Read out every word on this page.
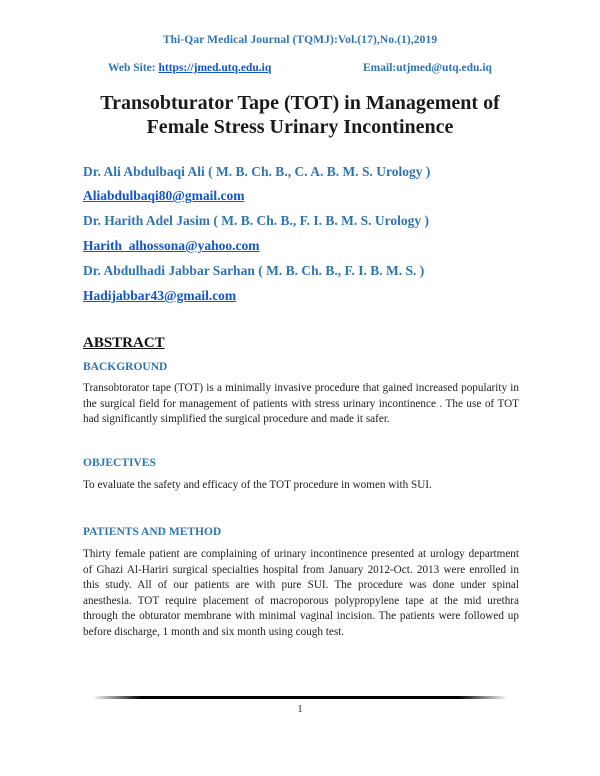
Thi-Qar Medical Journal (TQMJ):Vol.(17),No.(1),2019
Web Site: https://jmed.utq.edu.iq	Email:utjmed@utq.edu.iq
Transobturator Tape (TOT) in Management of
Female Stress Urinary Incontinence
Dr. Ali Abdulbaqi Ali ( M. B. Ch. B., C. A. B. M. S. Urology )
Aliabdulbaqi80@gmail.com
Dr. Harith Adel Jasim ( M. B. Ch. B., F. I. B. M. S. Urology )
Harith_alhossona@yahoo.com
Dr. Abdulhadi Jabbar Sarhan ( M. B. Ch. B., F. I. B. M. S. )
Hadijabbar43@gmail.com
ABSTRACT
BACKGROUND
Transobtorator tape (TOT) is a minimally invasive procedure that gained increased popularity in the surgical field for management of patients with stress urinary incontinence . The use of TOT had significantly simplified the surgical procedure and made it safer.
OBJECTIVES
To evaluate the safety and efficacy of the TOT procedure in women with SUI.
PATIENTS AND METHOD
Thirty female patient are complaining of urinary incontinence presented at urology department of Ghazi Al-Hariri surgical specialties hospital from January 2012-Oct. 2013 were enrolled in this study. All of our patients are with pure SUI. The procedure was done under spinal anesthesia. TOT require placement of macroporous polypropylene tape at the mid urethra through the obturator membrane with minimal vaginal incision. The patients were followed up before discharge, 1 month and six month using cough test.
1
